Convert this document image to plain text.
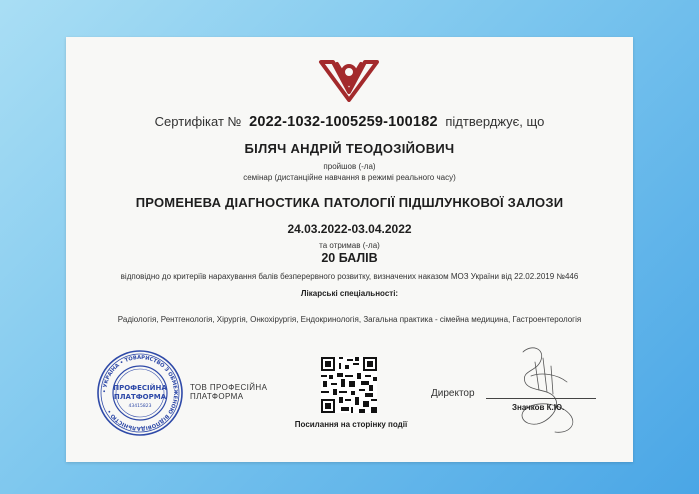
Сертифікат № 2022-1032-1005259-100182 підтверджує, що
БІЛЯЧ АНДРІЙ ТЕОДОЗІЙОВИЧ
пройшов (-ла)
семінар (дистанційне навчання в режимі реального часу)
ПРОМЕНЕВА ДІАГНОСТИКА ПАТОЛОГІЇ ПІДШЛУНКОВОЇ ЗАЛОЗИ
24.03.2022-03.04.2022
та отримав (-ла)
20 БАЛІВ
відповідно до критеріїв нарахування балів безперервного розвитку, визначених наказом МОЗ України від 22.02.2019 №446
Лікарські спеціальності:
Радіологія, Рентгенологія, Хірургія, Онкохірургія, Ендокринологія, Загальна практика - сімейна медицина, Гастроентерологія
• УКРАЇНА • ТОВАРИСТВО З ОБМЕЖЕНОЮ ВІДПОВІДАЛЬНІСТЮ •
ПРОФЕСІЙНА
ПЛАТФОРМА
43415823
ТОВ ПРОФЕСІЙНА
ПЛАТФОРМА
Посилання на сторінку події
Директор
Значков К.Ю.
